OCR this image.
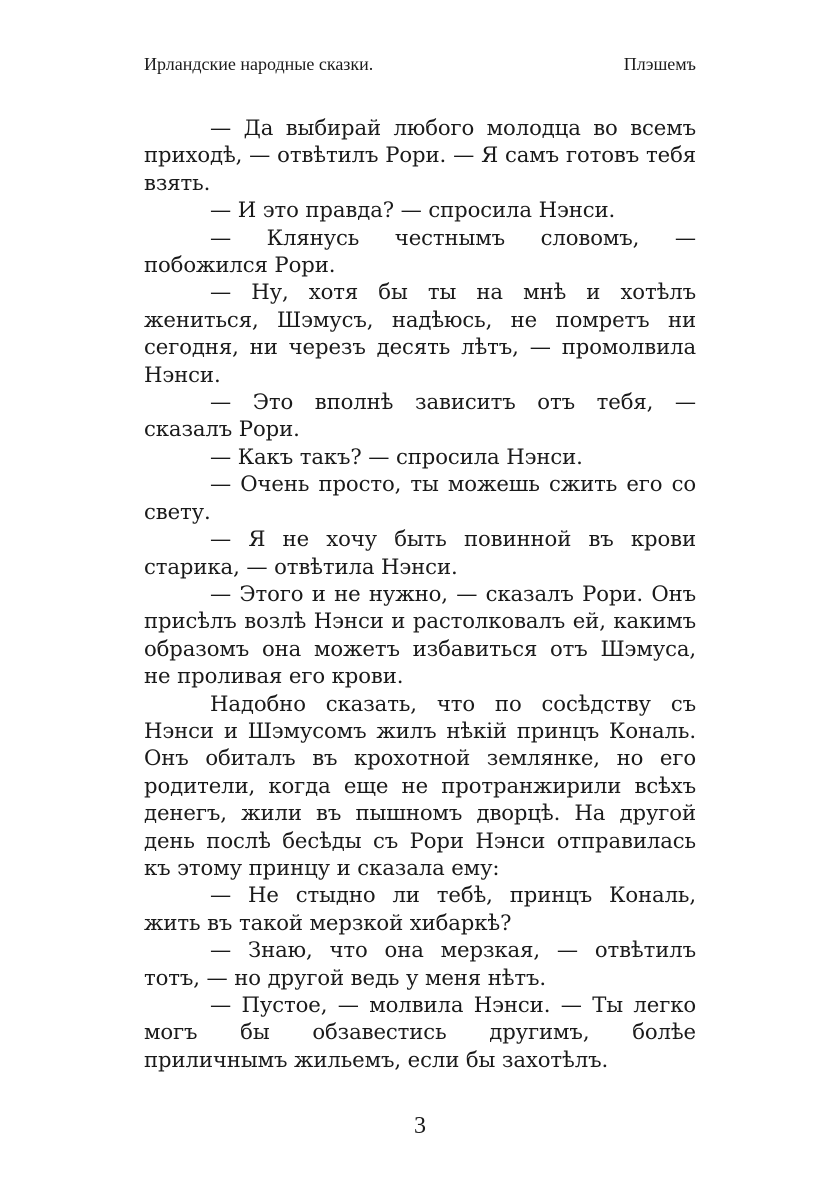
Ирландские народные сказки.	Плэшемъ

— Да выбирай любого молодца во всемъ приходѣ, — отвѣтилъ Рори. — Я самъ готовъ тебя взять.

— И это правда? — спросила Нэнси.

— Клянусь честнымъ словомъ, — побожился Рори.

— Ну, хотя бы ты на мнѣ и хотѣлъ жениться, Шэмусъ, надѣюсь, не помретъ ни сегодня, ни черезъ десять лѣтъ, — промолвила Нэнси.

— Это вполнѣ зависитъ отъ тебя, — сказалъ Рори.

— Какъ такъ? — спросила Нэнси.

— Очень просто, ты можешь сжить его со свету.

— Я не хочу быть повинной въ крови старика, — отвѣтила Нэнси.

— Этого и не нужно, — сказалъ Рори. Онъ присѣлъ возлѣ Нэнси и растолковалъ ей, какимъ образомъ она можетъ избавиться отъ Шэмуса, не проливая его крови.

Надобно сказать, что по сосѣдству съ Нэнси и Шэмусомъ жилъ нѣкій принцъ Кональ. Онъ обиталъ въ крохотной землянке, но его родители, когда еще не протранжирили всѣхъ денегъ, жили въ пышномъ дворцѣ. На другой день послѣ бесѣды съ Рори Нэнси отправилась къ этому принцу и сказала ему:

— Не стыдно ли тебѣ, принцъ Кональ, жить въ такой мерзкой хибаркѣ?

— Знаю, что она мерзкая, — отвѣтилъ тотъ, — но другой ведь у меня нѣтъ.

— Пустое, — молвила Нэнси. — Ты легко могъ бы обзавестись другимъ, болѣе приличнымъ жильемъ, если бы захотѣлъ.

3
